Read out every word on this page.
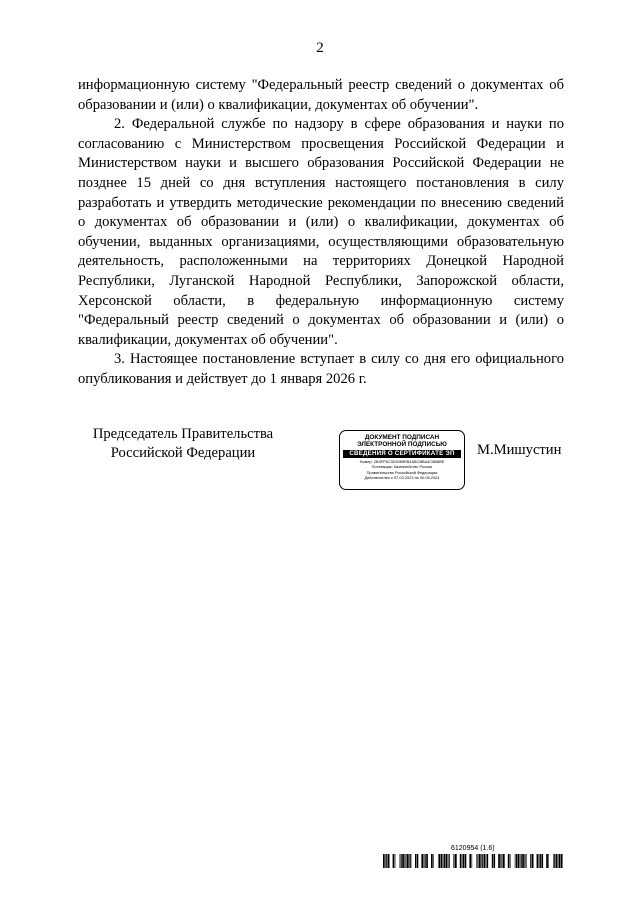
2

информационную систему "Федеральный реестр сведений о документах об образовании и (или) о квалификации, документах об обучении".

2. Федеральной службе по надзору в сфере образования и науки по согласованию с Министерством просвещения Российской Федерации и Министерством науки и высшего образования Российской Федерации не позднее 15 дней со дня вступления настоящего постановления в силу разработать и утвердить методические рекомендации по внесению сведений о документах об образовании и (или) о квалификации, документах об обучении, выданных организациями, осуществляющими образовательную деятельность, расположенными на территориях Донецкой Народной Республики, Луганской Народной Республики, Запорожской области, Херсонской области, в федеральную информационную систему "Федеральный реестр сведений о документах об образовании и (или) о квалификации, документах об обучении".

3. Настоящее постановление вступает в силу со дня его официального опубликования и действует до 1 января 2026 г.

Председатель Правительства
Российской Федерации
ДОКУМЕНТ ПОДПИСАН
ЭЛЕКТРОННОЙ ПОДПИСЬЮ
СВЕДЕНИЯ О СЕРТИФИКАТЕ ЭП
Номер: 2B4FF6C3D3069EB4ABCBBA4C8B6BE
Поставщик: Казначейство России
Правительство Российской Федерации
Действителен с 07.03.2023 по 30.05.2024
М.Мишустин
6120954 (1.6)
